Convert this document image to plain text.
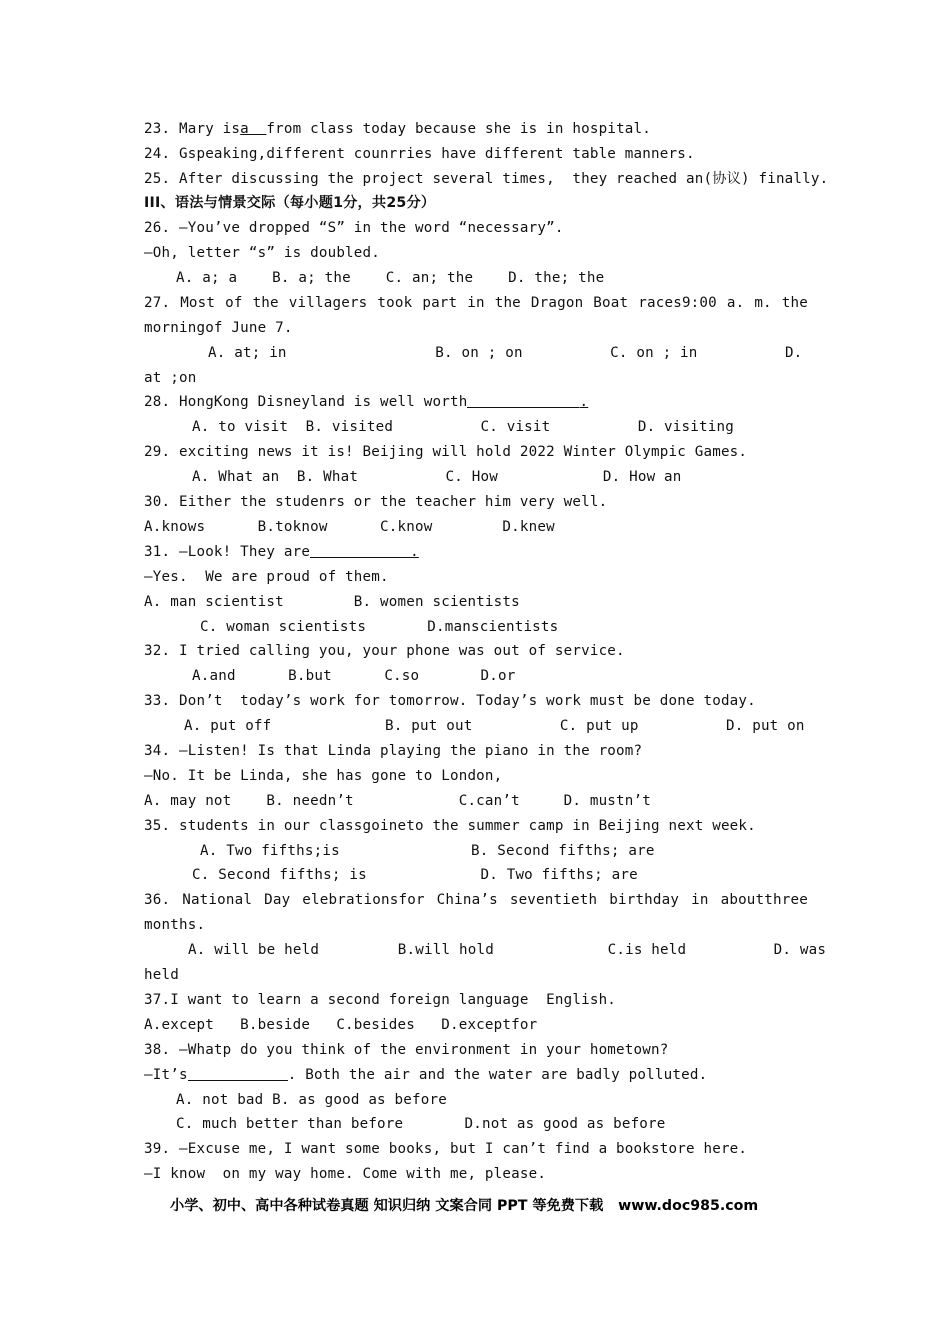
23. Mary isa  from class today because she is in hospital.
24. Gspeaking,different counrries have different table manners.
25. After discussing the project several times,  they reached an(协议) finally.
III、语法与情景交际（每小题1分，共25分）
26. —You’ve dropped “S” in the word “necessary”.
—Oh, letter “s” is doubled.
A. a; a    B. a; the    C. an; the    D. the; the
27. Most of the villagers took part in the Dragon Boat races9:00 a. m. the
morningof June 7.
A. at; in                 B. on ; on          C. on ; in          D.
at ;on
28. HongKong Disneyland is well worth	.
A. to visit  B. visited          C. visit          D. visiting
29. exciting news it is! Beijing will hold 2022 Winter Olympic Games.
A. What an  B. What          C. How            D. How an
30. Either the studenrs or the teacher him very well.
A.knows      B.toknow      C.know        D.knew
31. —Look! They are	.
—Yes.  We are proud of them.
A. man scientist        B. women scientists
C. woman scientists       D.manscientists
32. I tried calling you, your phone was out of service.
A.and      B.but      C.so       D.or
33. Don’t  today’s work for tomorrow. Today’s work must be done today.
A. put off             B. put out          C. put up          D. put on
34. —Listen! Is that Linda playing the piano in the room?
—No. It be Linda, she has gone to London,
A. may not    B. needn’t            C.can’t     D. mustn’t
35. students in our classgoineto the summer camp in Beijing next week.
A. Two fifths;is               B. Second fifths; are
C. Second fifths; is             D. Two fifths; are
36. National Day elebrationsfor China’s seventieth birthday in aboutthree
months.
A. will be held         B.will hold             C.is held          D. was
held
37.I want to learn a second foreign language  English.
A.except   B.beside   C.besides   D.exceptfor
38. —Whatp do you think of the environment in your hometown?
—It’s	. Both the air and the water are badly polluted.
A. not bad B. as good as before
C. much better than before       D.not as good as before
39. —Excuse me, I want some books, but I can’t find a bookstore here.
—I know  on my way home. Come with me, please.
小学、初中、高中各种试卷真题 知识归纳 文案合同 PPT 等免费下载   www.doc985.com
